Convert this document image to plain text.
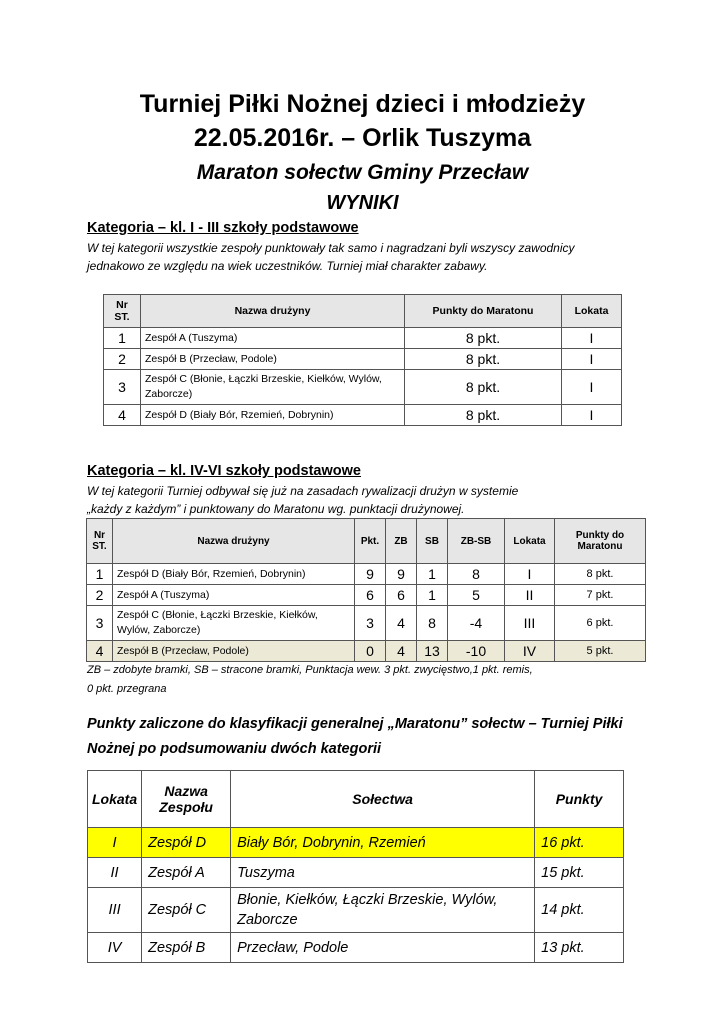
Turniej Piłki Nożnej dzieci i młodzieży
22.05.2016r. – Orlik Tuszyma
Maraton sołectw Gminy Przecław
WYNIKI
Kategoria – kl. I - III szkoły podstawowe
W tej kategorii wszystkie zespoły punktowały tak samo i nagradzani byli wszyscy zawodnicy
jednakowo ze względu na wiek uczestników. Turniej miał charakter zabawy.
Nr ST.	Nazwa drużyny	Punkty do Maratonu	Lokata
1	Zespół A (Tuszyma)	8 pkt.	I
2	Zespół B (Przecław, Podole)	8 pkt.	I
3	Zespół C (Błonie, Łączki Brzeskie, Kiełków, Wylów, Zaborcze)	8 pkt.	I
4	Zespół D (Biały Bór, Rzemień, Dobrynin)	8 pkt.	I
Kategoria – kl. IV-VI szkoły podstawowe
W tej kategorii Turniej odbywał się już na zasadach rywalizacji drużyn w systemie
„każdy z każdym” i punktowany do Maratonu wg. punktacji drużynowej.
Nr ST.	Nazwa drużyny	Pkt.	ZB	SB	ZB-SB	Lokata	Punkty do Maratonu
1	Zespół D (Biały Bór, Rzemień, Dobrynin)	9	9	1	8	I	8 pkt.
2	Zespół A (Tuszyma)	6	6	1	5	II	7 pkt.
3	Zespół C (Błonie, Łączki Brzeskie, Kiełków, Wylów, Zaborcze)	3	4	8	-4	III	6 pkt.
4	Zespół B (Przecław, Podole)	0	4	13	-10	IV	5 pkt.
ZB – zdobyte bramki, SB – stracone bramki, Punktacja wew. 3 pkt. zwycięstwo,1 pkt. remis,
0 pkt. przegrana
Punkty zaliczone do klasyfikacji generalnej „Maratonu” sołectw – Turniej Piłki
Nożnej po podsumowaniu dwóch kategorii
Lokata	Nazwa Zespołu	Sołectwa	Punkty
I	Zespół D	Biały Bór, Dobrynin, Rzemień	16 pkt.
II	Zespół A	Tuszyma	15 pkt.
III	Zespół C	Błonie, Kiełków, Łączki Brzeskie, Wylów, Zaborcze	14 pkt.
IV	Zespół B	Przecław, Podole	13 pkt.
